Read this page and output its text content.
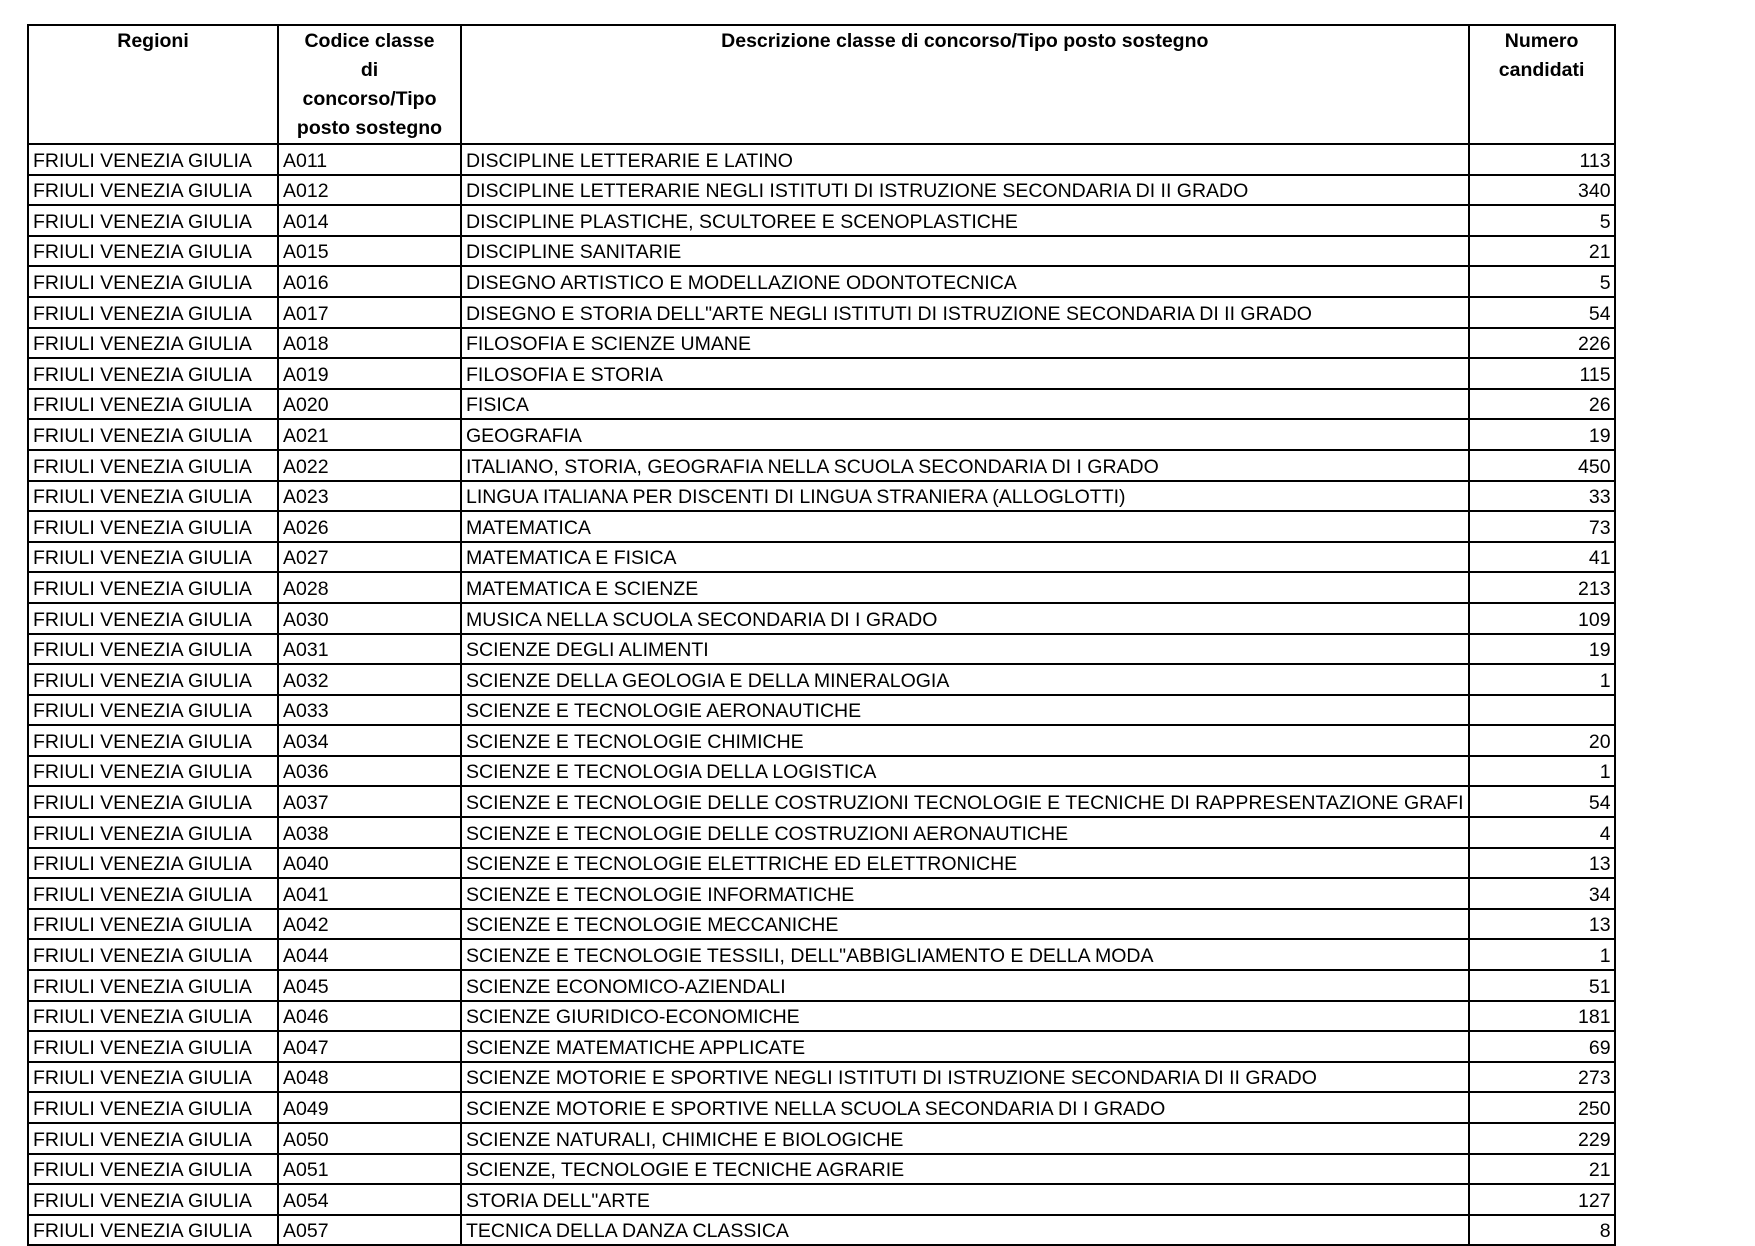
Regioni	Codice classe di concorso/Tipo posto sostegno	Descrizione classe di concorso/Tipo posto sostegno	Numero candidati
FRIULI VENEZIA GIULIA	A011	DISCIPLINE LETTERARIE E LATINO	113
FRIULI VENEZIA GIULIA	A012	DISCIPLINE LETTERARIE NEGLI ISTITUTI DI ISTRUZIONE SECONDARIA DI II GRADO	340
FRIULI VENEZIA GIULIA	A014	DISCIPLINE PLASTICHE, SCULTOREE E SCENOPLASTICHE	5
FRIULI VENEZIA GIULIA	A015	DISCIPLINE SANITARIE	21
FRIULI VENEZIA GIULIA	A016	DISEGNO ARTISTICO E MODELLAZIONE ODONTOTECNICA	5
FRIULI VENEZIA GIULIA	A017	DISEGNO E STORIA DELL"ARTE NEGLI ISTITUTI DI ISTRUZIONE SECONDARIA DI II GRADO	54
FRIULI VENEZIA GIULIA	A018	FILOSOFIA E SCIENZE UMANE	226
FRIULI VENEZIA GIULIA	A019	FILOSOFIA E STORIA	115
FRIULI VENEZIA GIULIA	A020	FISICA	26
FRIULI VENEZIA GIULIA	A021	GEOGRAFIA	19
FRIULI VENEZIA GIULIA	A022	ITALIANO, STORIA, GEOGRAFIA NELLA SCUOLA SECONDARIA DI I GRADO	450
FRIULI VENEZIA GIULIA	A023	LINGUA ITALIANA PER DISCENTI DI LINGUA STRANIERA (ALLOGLOTTI)	33
FRIULI VENEZIA GIULIA	A026	MATEMATICA	73
FRIULI VENEZIA GIULIA	A027	MATEMATICA E FISICA	41
FRIULI VENEZIA GIULIA	A028	MATEMATICA E SCIENZE	213
FRIULI VENEZIA GIULIA	A030	MUSICA NELLA SCUOLA SECONDARIA DI I GRADO	109
FRIULI VENEZIA GIULIA	A031	SCIENZE DEGLI ALIMENTI	19
FRIULI VENEZIA GIULIA	A032	SCIENZE DELLA GEOLOGIA E DELLA MINERALOGIA	1
FRIULI VENEZIA GIULIA	A033	SCIENZE E TECNOLOGIE AERONAUTICHE	
FRIULI VENEZIA GIULIA	A034	SCIENZE E TECNOLOGIE CHIMICHE	20
FRIULI VENEZIA GIULIA	A036	SCIENZE E TECNOLOGIA DELLA LOGISTICA	1
FRIULI VENEZIA GIULIA	A037	SCIENZE E TECNOLOGIE DELLE COSTRUZIONI TECNOLOGIE E TECNICHE DI RAPPRESENTAZIONE GRAFI	54
FRIULI VENEZIA GIULIA	A038	SCIENZE E TECNOLOGIE DELLE COSTRUZIONI AERONAUTICHE	4
FRIULI VENEZIA GIULIA	A040	SCIENZE E TECNOLOGIE ELETTRICHE ED ELETTRONICHE	13
FRIULI VENEZIA GIULIA	A041	SCIENZE E TECNOLOGIE INFORMATICHE	34
FRIULI VENEZIA GIULIA	A042	SCIENZE E TECNOLOGIE MECCANICHE	13
FRIULI VENEZIA GIULIA	A044	SCIENZE E TECNOLOGIE TESSILI, DELL"ABBIGLIAMENTO E DELLA MODA	1
FRIULI VENEZIA GIULIA	A045	SCIENZE ECONOMICO-AZIENDALI	51
FRIULI VENEZIA GIULIA	A046	SCIENZE GIURIDICO-ECONOMICHE	181
FRIULI VENEZIA GIULIA	A047	SCIENZE MATEMATICHE APPLICATE	69
FRIULI VENEZIA GIULIA	A048	SCIENZE MOTORIE E SPORTIVE NEGLI ISTITUTI DI ISTRUZIONE SECONDARIA DI II GRADO	273
FRIULI VENEZIA GIULIA	A049	SCIENZE MOTORIE E SPORTIVE NELLA SCUOLA SECONDARIA DI I GRADO	250
FRIULI VENEZIA GIULIA	A050	SCIENZE NATURALI, CHIMICHE E BIOLOGICHE	229
FRIULI VENEZIA GIULIA	A051	SCIENZE, TECNOLOGIE E TECNICHE AGRARIE	21
FRIULI VENEZIA GIULIA	A054	STORIA DELL"ARTE	127
FRIULI VENEZIA GIULIA	A057	TECNICA DELLA DANZA CLASSICA	8
